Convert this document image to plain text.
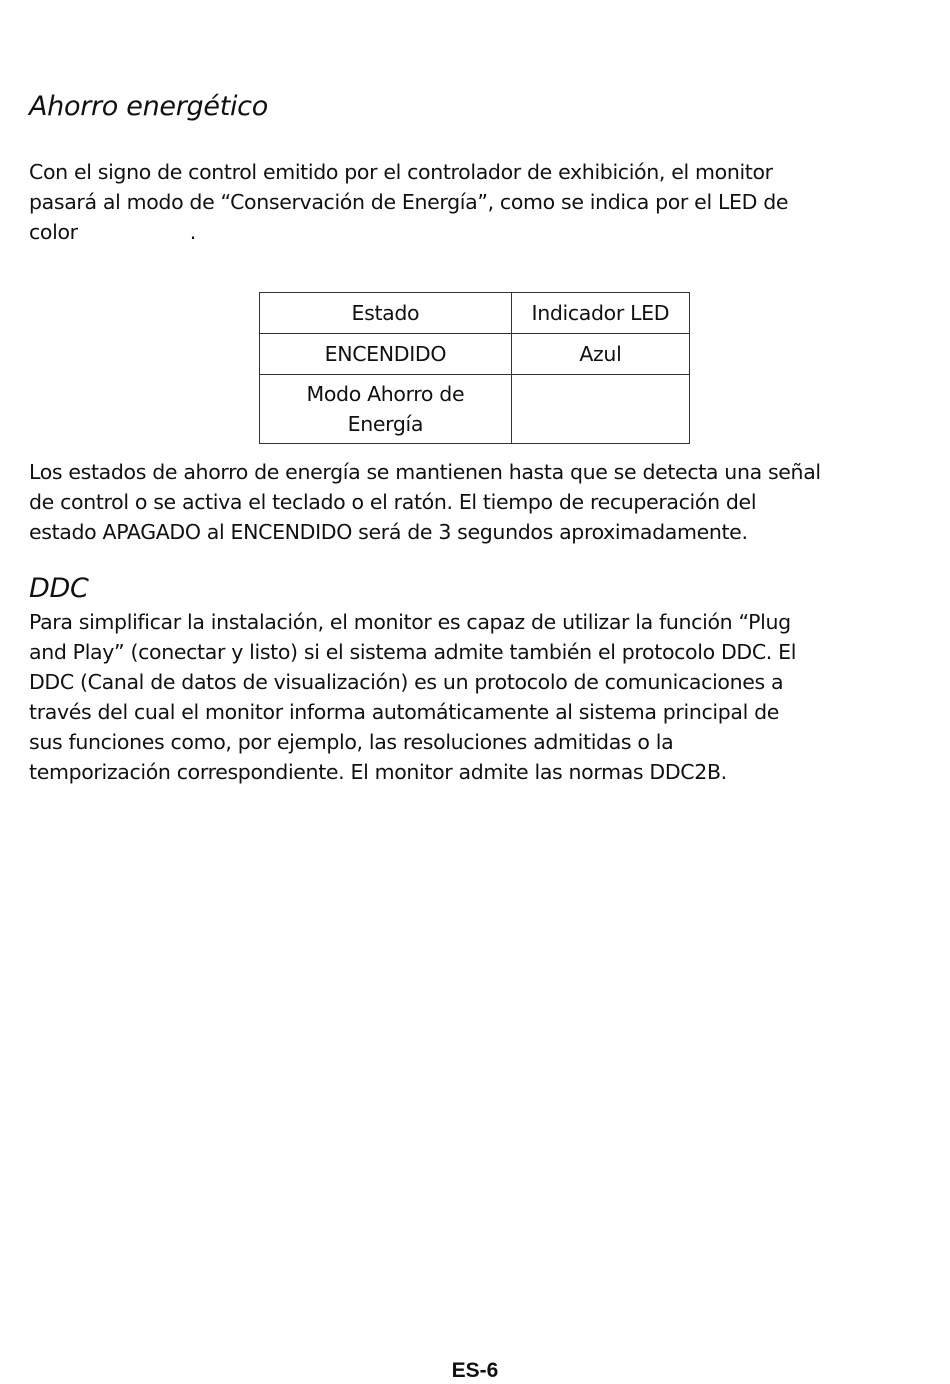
Ahorro energético

Con el signo de control emitido por el controlador de exhibición, el monitor
pasará al modo de “Conservación de Energía”, como se indica por el LED de
color	.

Estado	Indicador LED
ENCENDIDO	Azul

Modo Ahorro de
Energía	

Los estados de ahorro de energía se mantienen hasta que se detecta una señal
de control o se activa el teclado o el ratón. El tiempo de recuperación del
estado APAGADO al ENCENDIDO será de 3 segundos aproximadamente.

DDC

Para simplificar la instalación, el monitor es capaz de utilizar la función “Plug
and Play” (conectar y listo) si el sistema admite también el protocolo DDC. El
DDC (Canal de datos de visualización) es un protocolo de comunicaciones a
través del cual el monitor informa automáticamente al sistema principal de
sus funciones como, por ejemplo, las resoluciones admitidas o la
temporización correspondiente. El monitor admite las normas DDC2B.

ES-6
